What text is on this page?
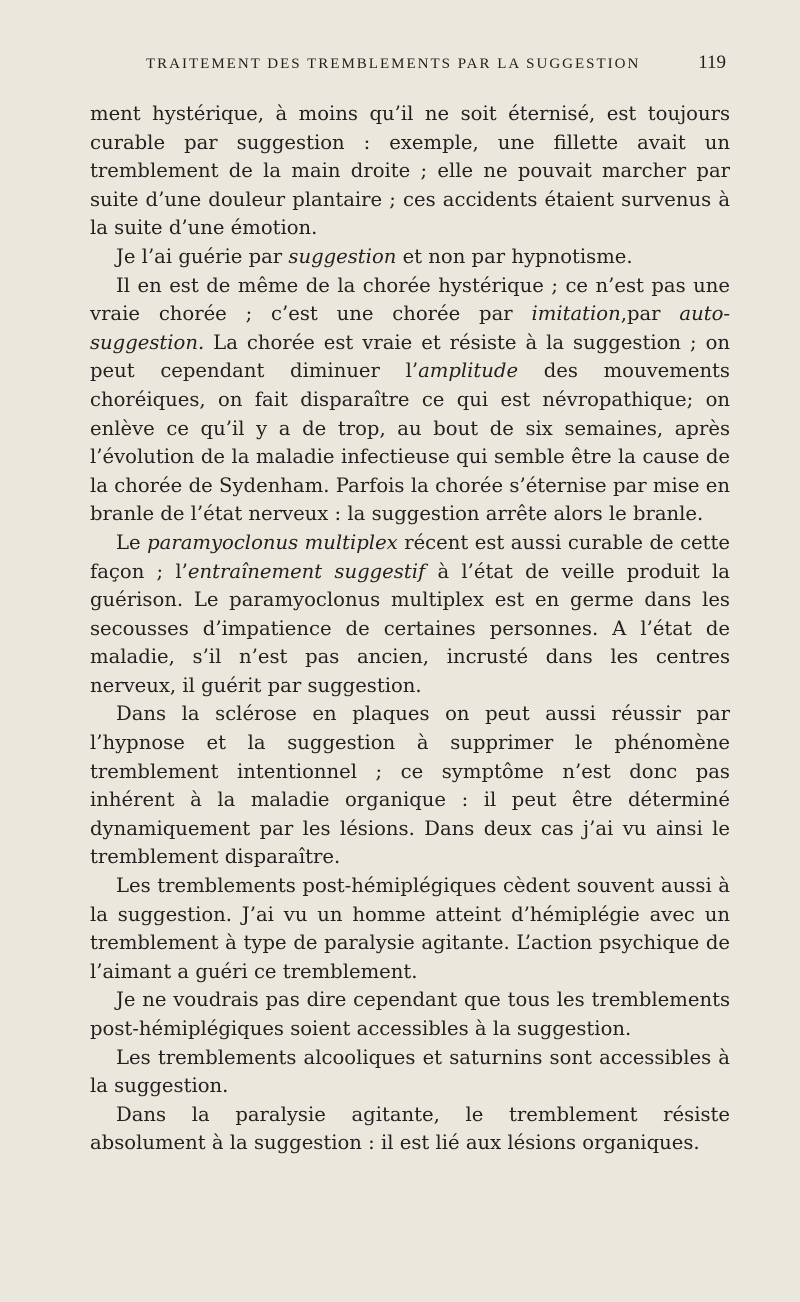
TRAITEMENT DES TREMBLEMENTS PAR LA SUGGESTION	119

ment hystérique, à moins qu’il ne soit éternisé, est toujours curable par suggestion : exemple, une fillette avait un tremblement de la main droite ; elle ne pouvait marcher par suite d’une douleur plantaire ; ces accidents étaient survenus à la suite d’une émotion.

Je l’ai guérie par suggestion et non par hypnotisme.

Il en est de même de la chorée hystérique ; ce n’est pas une vraie chorée ; c’est une chorée par imitation,par auto-suggestion. La chorée est vraie et résiste à la suggestion ; on peut cependant diminuer l’amplitude des mouvements choréiques, on fait disparaître ce qui est névropathique; on enlève ce qu’il y a de trop, au bout de six semaines, après l’évolution de la maladie infectieuse qui semble être la cause de la chorée de Sydenham. Parfois la chorée s’éternise par mise en branle de l’état nerveux : la suggestion arrête alors le branle.

Le paramyoclonus multiplex récent est aussi curable de cette façon ; l’entraînement suggestif à l’état de veille produit la guérison. Le paramyoclonus multiplex est en germe dans les secousses d’impatience de certaines personnes. A l’état de maladie, s’il n’est pas ancien, incrusté dans les centres nerveux, il guérit par suggestion.

Dans la sclérose en plaques on peut aussi réussir par l’hypnose et la suggestion à supprimer le phénomène tremblement intentionnel ; ce symptôme n’est donc pas inhérent à la maladie organique : il peut être déterminé dynamiquement par les lésions. Dans deux cas j’ai vu ainsi le tremblement disparaître.

Les tremblements post-hémiplégiques cèdent souvent aussi à la suggestion. J’ai vu un homme atteint d’hémiplégie avec un tremblement à type de paralysie agitante. L’action psychique de l’aimant a guéri ce tremblement.

Je ne voudrais pas dire cependant que tous les tremblements post-hémiplégiques soient accessibles à la suggestion.

Les tremblements alcooliques et saturnins sont accessibles à la suggestion.

Dans la paralysie agitante, le tremblement résiste absolument à la suggestion : il est lié aux lésions organiques.
